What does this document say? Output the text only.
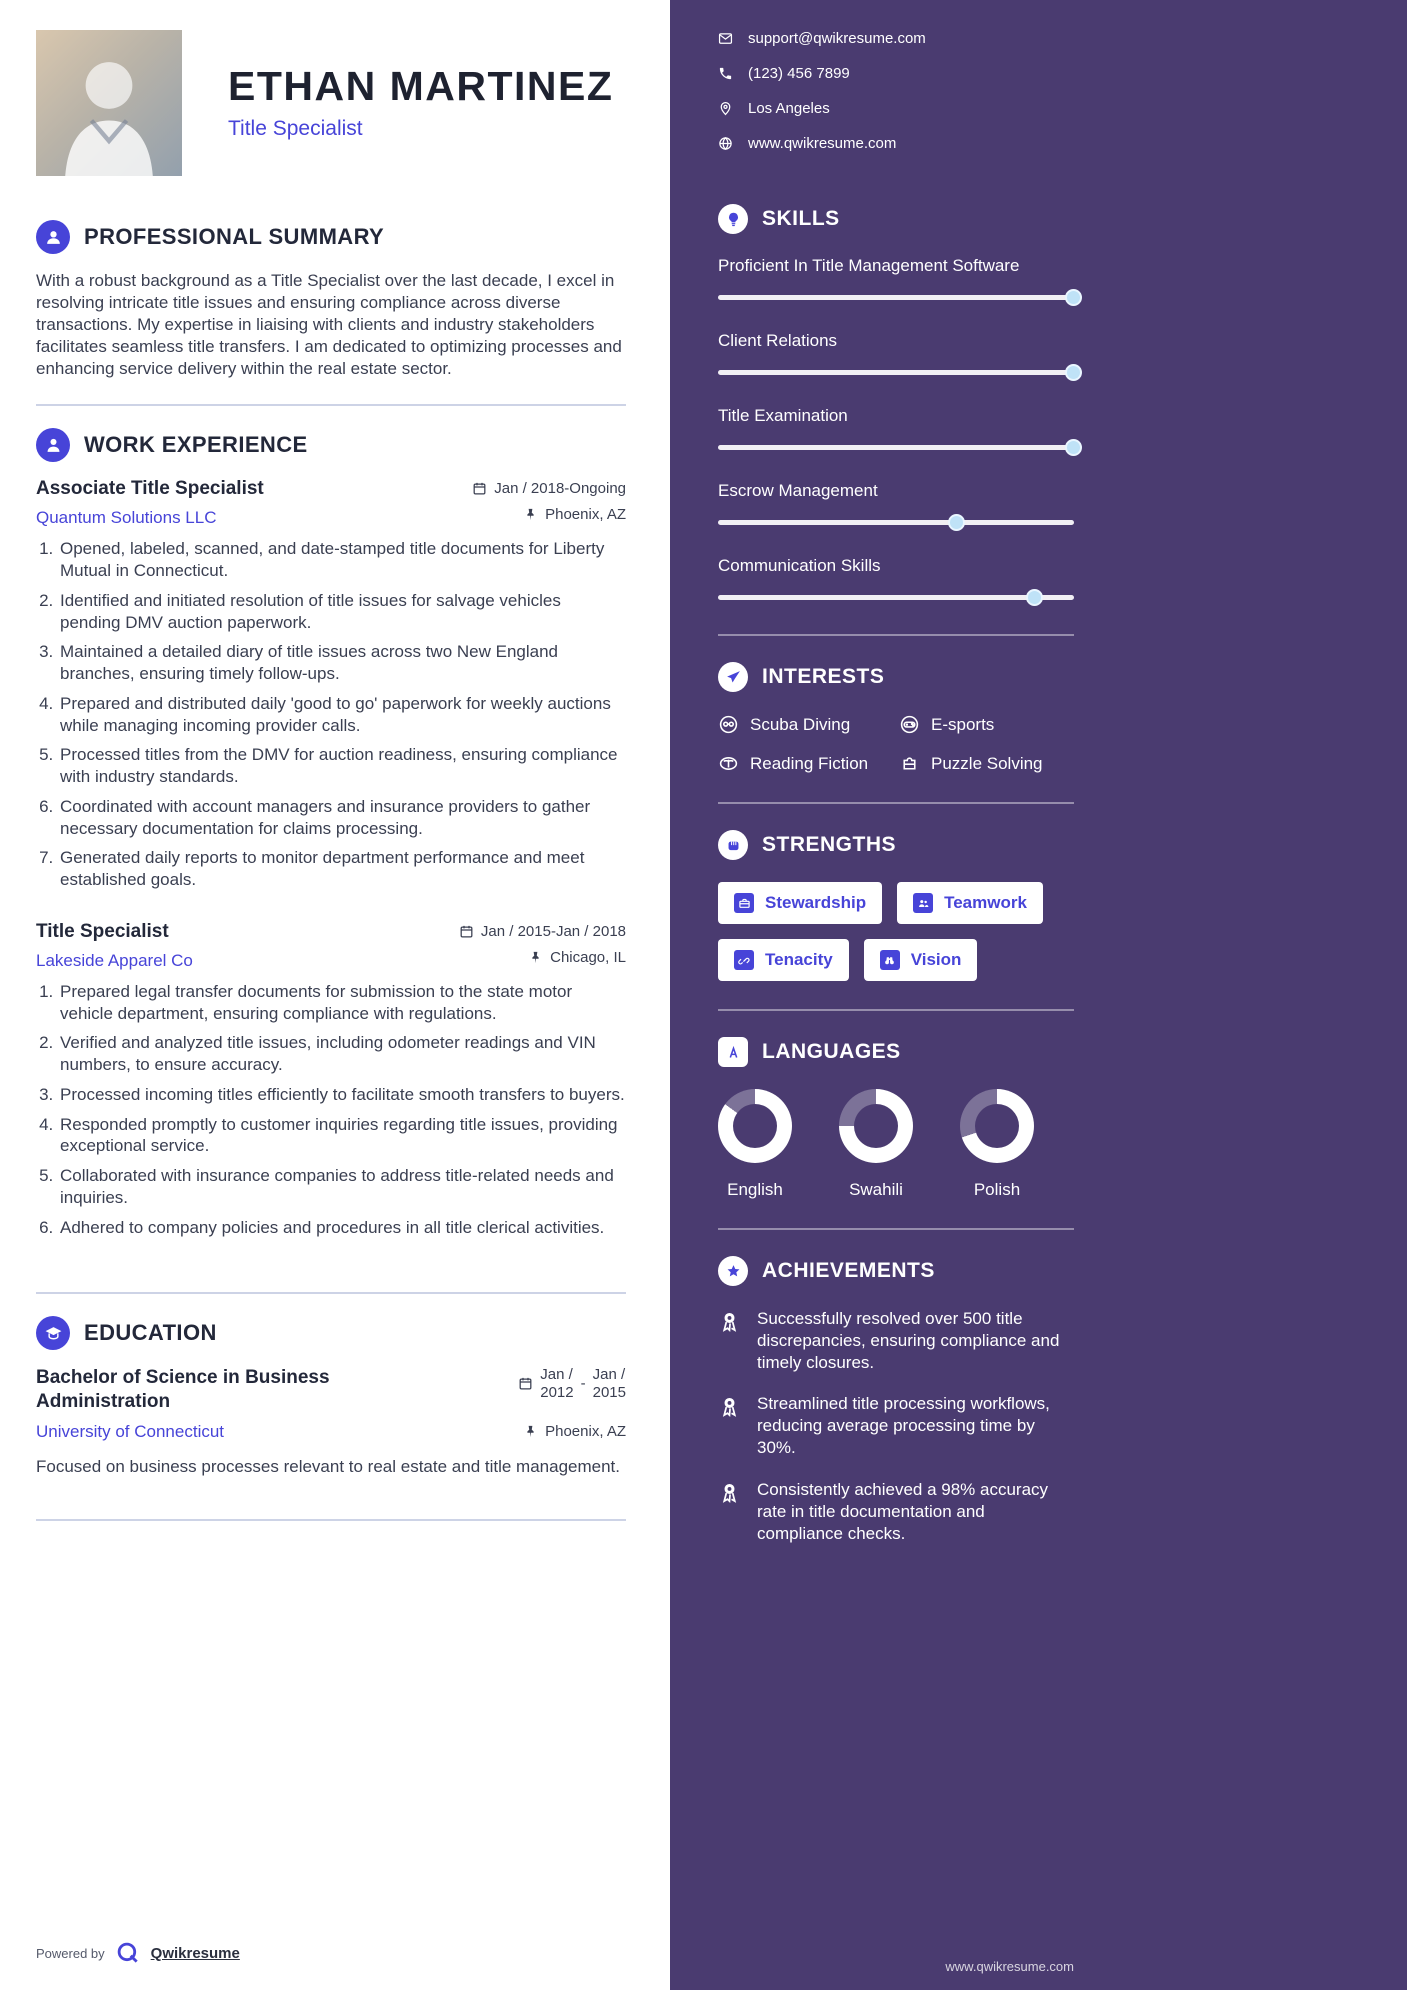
ETHAN MARTINEZ
Title Specialist
PROFESSIONAL SUMMARY

With a robust background as a Title Specialist over the last decade, I excel in resolving intricate title issues and ensuring compliance across diverse transactions. My expertise in liaising with clients and industry stakeholders facilitates seamless title transfers. I am dedicated to optimizing processes and enhancing service delivery within the real estate sector.

WORK EXPERIENCE
Associate Title Specialist
Quantum Solutions LLC
Jan / 2018-Ongoing
Phoenix, AZ
1. Opened, labeled, scanned, and date-stamped title documents for Liberty Mutual in Connecticut.
2. Identified and initiated resolution of title issues for salvage vehicles pending DMV auction paperwork.
3. Maintained a detailed diary of title issues across two New England branches, ensuring timely follow-ups.
4. Prepared and distributed daily 'good to go' paperwork for weekly auctions while managing incoming provider calls.
5. Processed titles from the DMV for auction readiness, ensuring compliance with industry standards.
6. Coordinated with account managers and insurance providers to gather necessary documentation for claims processing.
7. Generated daily reports to monitor department performance and meet established goals.
Title Specialist
Lakeside Apparel Co
Jan / 2015-Jan / 2018
Chicago, IL
1. Prepared legal transfer documents for submission to the state motor vehicle department, ensuring compliance with regulations.
2. Verified and analyzed title issues, including odometer readings and VIN numbers, to ensure accuracy.
3. Processed incoming titles efficiently to facilitate smooth transfers to buyers.
4. Responded promptly to customer inquiries regarding title issues, providing exceptional service.
5. Collaborated with insurance companies to address title-related needs and inquiries.
6. Adhered to company policies and procedures in all title clerical activities.
EDUCATION
Bachelor of Science in Business Administration
Jan /
2012 -
Jan /
2015
University of Connecticut	Phoenix, AZ

Focused on business processes relevant to real estate and title management.

Powered by	Qwikresume
support@qwikresume.com
(123) 456 7899
Los Angeles
www.qwikresume.com
SKILLS
Proficient In Title Management Software
Client Relations
Title Examination
Escrow Management
Communication Skills
INTERESTS
Scuba Diving	E-sports
Reading Fiction	Puzzle Solving
STRENGTHS
Stewardship	Teamwork
Tenacity	Vision
LANGUAGES
English	Swahili	Polish
ACHIEVEMENTS
Successfully resolved over 500 title discrepancies, ensuring compliance and timely closures.
Streamlined title processing workflows, reducing average processing time by 30%.
Consistently achieved a 98% accuracy rate in title documentation and compliance checks.
www.qwikresume.com
